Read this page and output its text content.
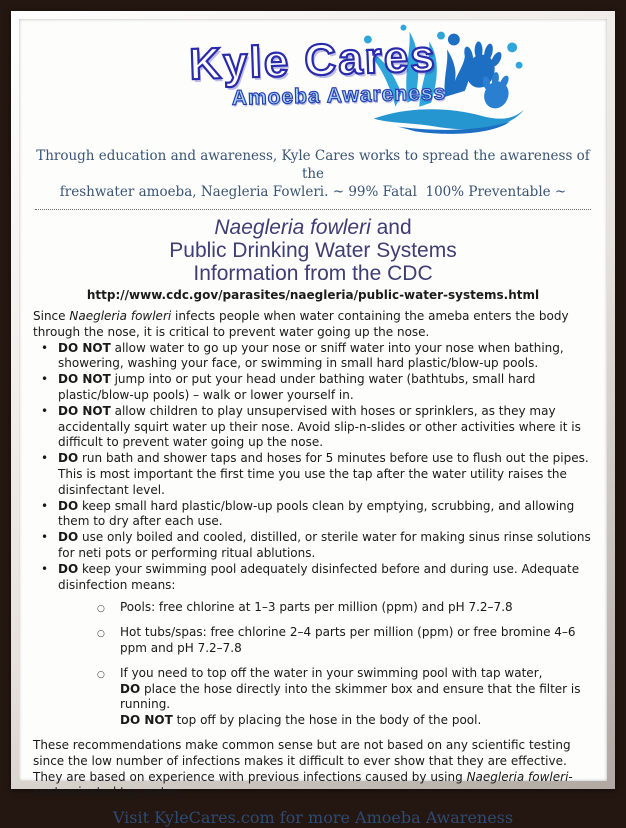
Kyle Cares
Amoeba Awareness
Through education and awareness, Kyle Cares works to spread the awareness of the
freshwater amoeba, Naegleria Fowleri. ~ 99% Fatal  100% Preventable ~
Naegleria fowleri and
Public Drinking Water Systems
Information from the CDC
http://www.cdc.gov/parasites/naegleria/public-water-systems.html

Since Naegleria fowleri infects people when water containing the ameba enters the body through the nose, it is critical to prevent water going up the nose.

• DO NOT allow water to go up your nose or sniff water into your nose when bathing, showering, washing your face, or swimming in small hard plastic/blow-up pools.
• DO NOT jump into or put your head under bathing water (bathtubs, small hard plastic/blow-up pools) – walk or lower yourself in.
• DO NOT allow children to play unsupervised with hoses or sprinklers, as they may accidentally squirt water up their nose. Avoid slip-n-slides or other activities where it is difficult to prevent water going up the nose.
• DO run bath and shower taps and hoses for 5 minutes before use to flush out the pipes. This is most important the first time you use the tap after the water utility raises the disinfectant level.
• DO keep small hard plastic/blow-up pools clean by emptying, scrubbing, and allowing them to dry after each use.
• DO use only boiled and cooled, distilled, or sterile water for making sinus rinse solutions for neti pots or performing ritual ablutions.
• DO keep your swimming pool adequately disinfected before and during use. Adequate disinfection means:
○ Pools: free chlorine at 1–3 parts per million (ppm) and pH 7.2–7.8
○ Hot tubs/spas: free chlorine 2–4 parts per million (ppm) or free bromine 4–6 ppm and pH 7.2–7.8
○ If you need to top off the water in your swimming pool with tap water,
DO place the hose directly into the skimmer box and ensure that the filter is running.
DO NOT top off by placing the hose in the body of the pool.

These recommendations make common sense but are not based on any scientific testing since the low number of infections makes it difficult to ever show that they are effective. They are based on experience with previous infections caused by using Naegleria fowleri-contaminated tap water.

Visit KyleCares.com for more Amoeba Awareness
